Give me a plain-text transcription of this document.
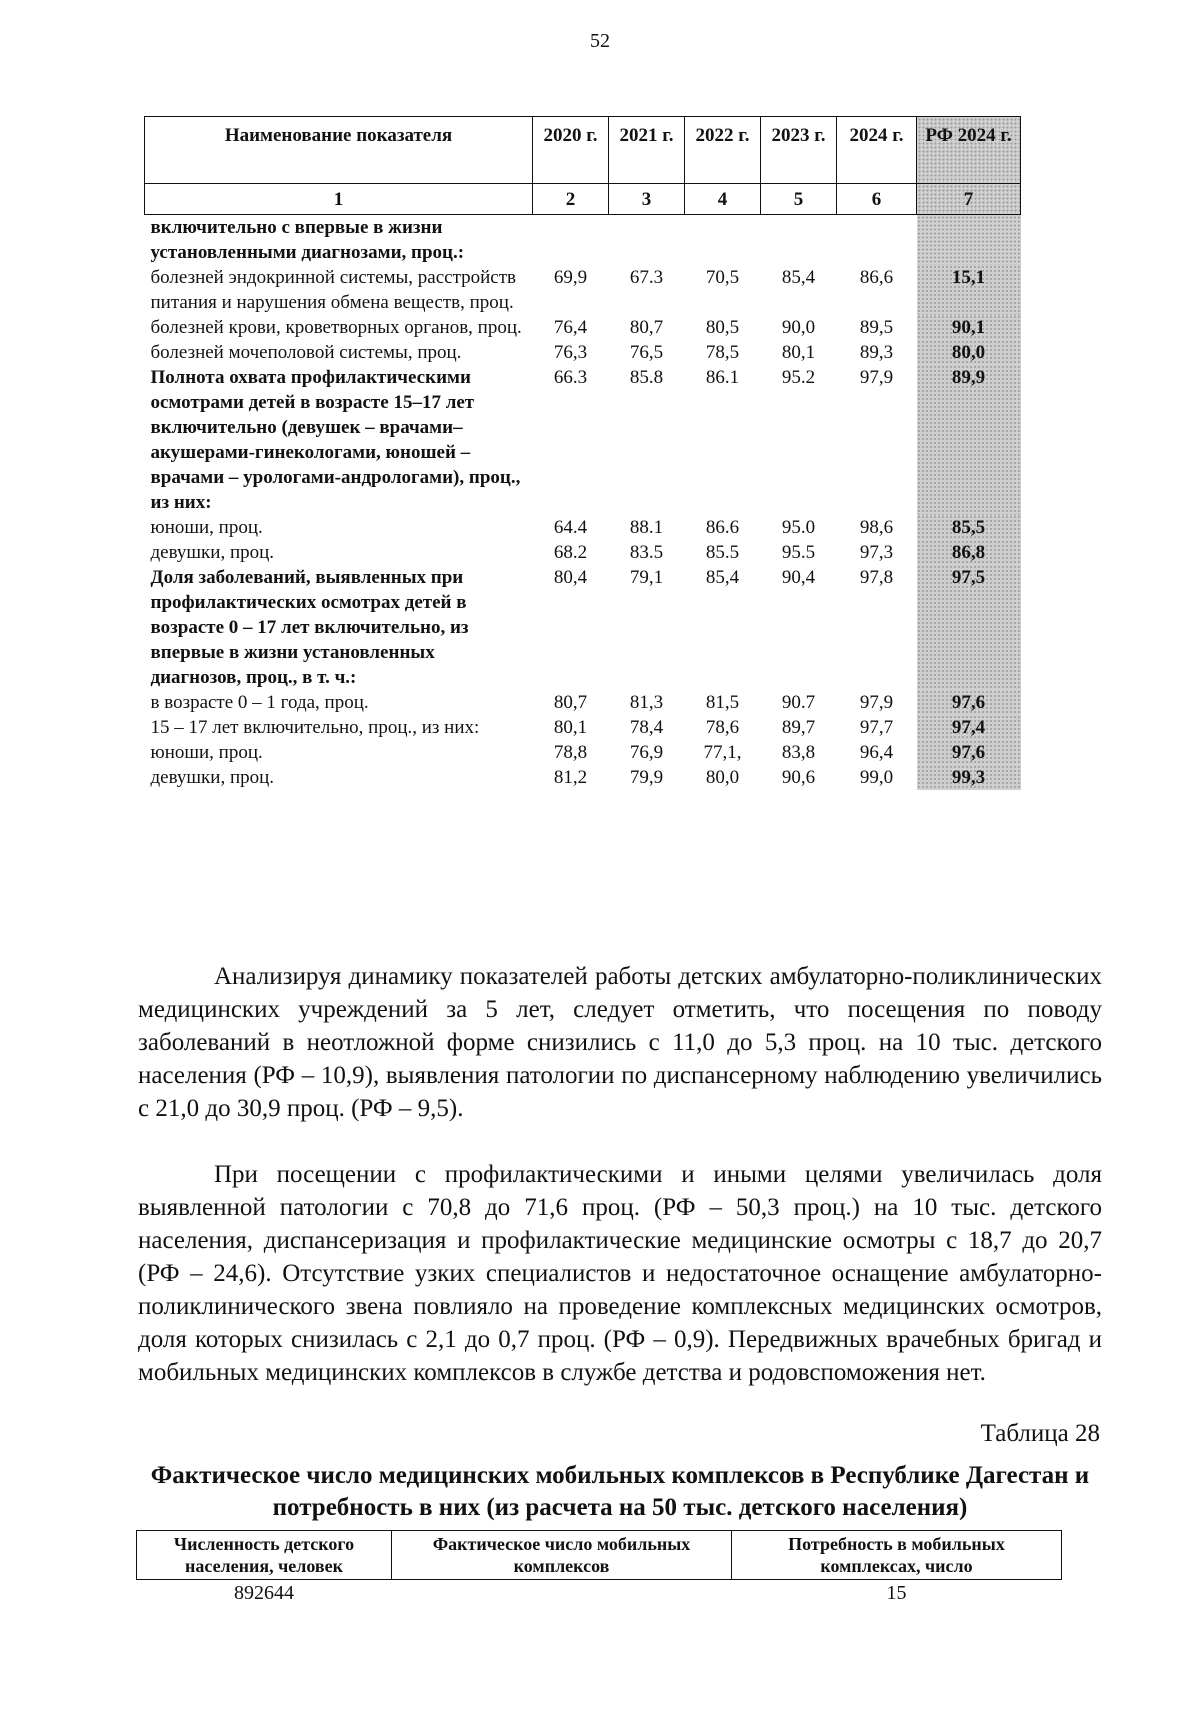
52
Наименование показателя	2020 г.	2021 г.	2022 г.	2023 г.	2024 г.	РФ 2024 г.
1	2	3	4	5	6	7
включительно с впервые в жизни установленными диагнозами, проц.:						
болезней эндокринной системы, расстройств питания и нарушения обмена веществ, проц.	69,9	67.3	70,5	85,4	86,6	15,1
болезней крови, кроветворных органов, проц.	76,4	80,7	80,5	90,0	89,5	90,1
болезней мочеполовой системы, проц.	76,3	76,5	78,5	80,1	89,3	80,0
Полнота охвата профилактическими осмотрами детей в возрасте 15–17 лет включительно (девушек – врачами–акушерами-гинекологами, юношей – врачами – урологами-андрологами), проц., из них:	66.3	85.8	86.1	95.2	97,9	89,9
юноши, проц.	64.4	88.1	86.6	95.0	98,6	85,5
девушки, проц.	68.2	83.5	85.5	95.5	97,3	86,8
Доля заболеваний, выявленных при профилактических осмотрах детей в возрасте 0 – 17 лет включительно, из впервые в жизни установленных диагнозов, проц., в т. ч.:	80,4	79,1	85,4	90,4	97,8	97,5
в возрасте 0 – 1 года, проц.	80,7	81,3	81,5	90.7	97,9	97,6
15 – 17 лет включительно, проц., из них:	80,1	78,4	78,6	89,7	97,7	97,4
юноши, проц.	78,8	76,9	77,1,	83,8	96,4	97,6
девушки, проц.	81,2	79,9	80,0	90,6	99,0	99,3

Анализируя динамику показателей работы детских амбулаторно-поликлинических медицинских учреждений за 5 лет, следует отметить, что посещения по поводу заболеваний в неотложной форме снизились с 11,0 до 5,3 проц. на 10 тыс. детского населения (РФ – 10,9), выявления патологии по диспансерному наблюдению увеличились с 21,0 до 30,9 проц. (РФ – 9,5).

При посещении с профилактическими и иными целями увеличилась доля выявленной патологии с 70,8 до 71,6 проц. (РФ – 50,3 проц.) на 10 тыс. детского населения, диспансеризация и профилактические медицинские осмотры с 18,7 до 20,7 (РФ – 24,6). Отсутствие узких специалистов и недостаточное оснащение амбулаторно-поликлинического звена повлияло на проведение комплексных медицинских осмотров, доля которых снизилась с 2,1 до 0,7 проц. (РФ – 0,9). Передвижных врачебных бригад и мобильных медицинских комплексов в службе детства и родовспоможения нет.

Таблица 28
Фактическое число медицинских мобильных комплексов в Республике Дагестан и потребность в них (из расчета на 50 тыс. детского населения)
Численность детского населения, человек	Фактическое число мобильных комплексов	Потребность в мобильных комплексах, число
892644		15
